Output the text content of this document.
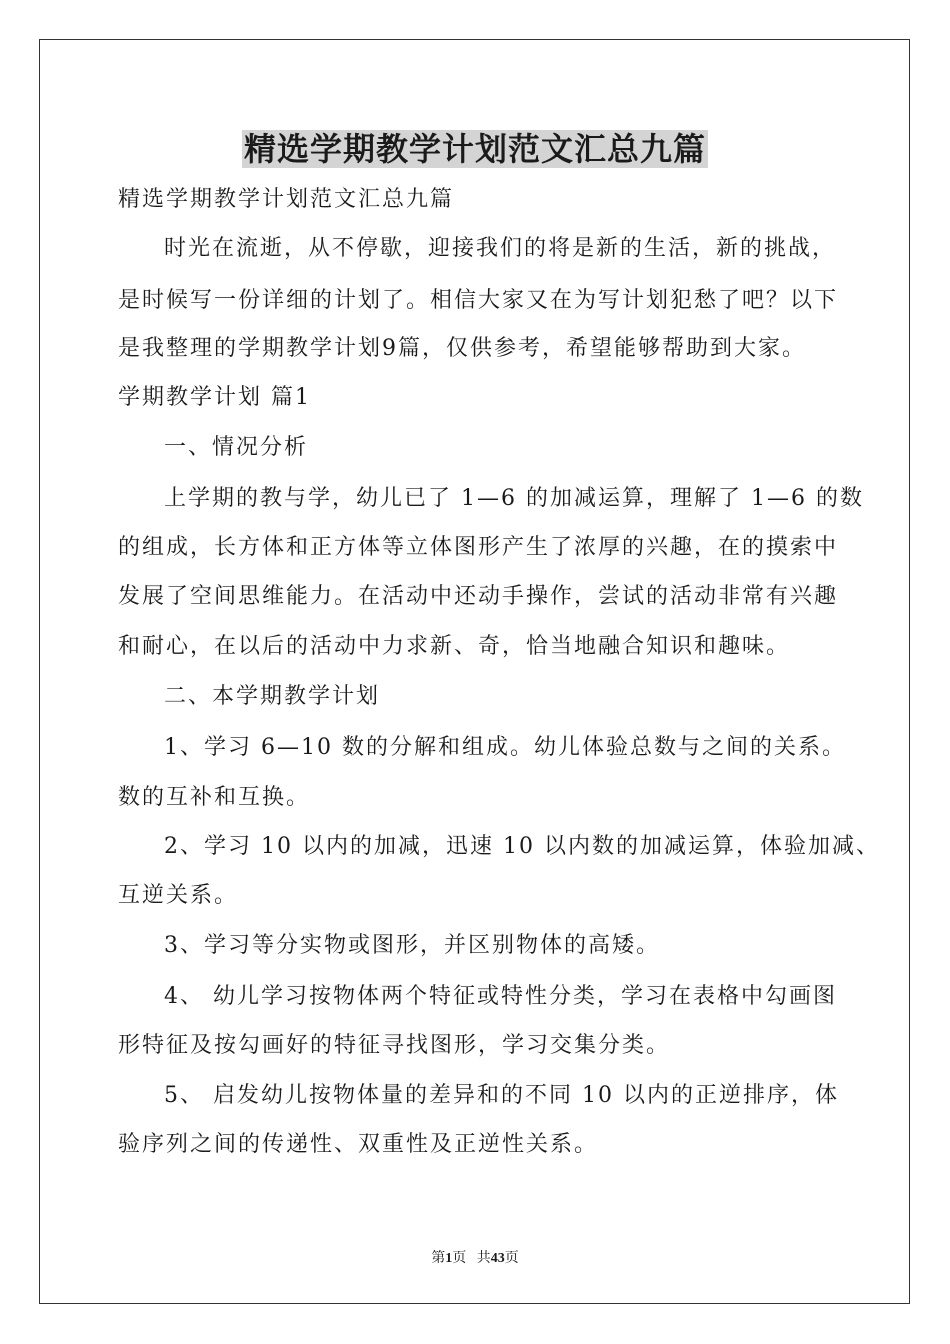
精选学期教学计划范文汇总九篇
精选学期教学计划范文汇总九篇
时光在流逝，从不停歇，迎接我们的将是新的生活，新的挑战，
是时候写一份详细的计划了。相信大家又在为写计划犯愁了吧？以下
是我整理的学期教学计划9篇，仅供参考，希望能够帮助到大家。
学期教学计划 篇1
一、情况分析
上学期的教与学，幼儿已了 1—6 的加减运算，理解了 1—6 的数
的组成，长方体和正方体等立体图形产生了浓厚的兴趣，在的摸索中
发展了空间思维能力。在活动中还动手操作，尝试的活动非常有兴趣
和耐心，在以后的活动中力求新、奇，恰当地融合知识和趣味。
二、本学期教学计划
1、学习 6—10 数的分解和组成。幼儿体验总数与之间的关系。
数的互补和互换。
2、学习 10 以内的加减，迅速 10 以内数的加减运算，体验加减、
互逆关系。
3、学习等分实物或图形，并区别物体的高矮。
4、 幼儿学习按物体两个特征或特性分类，学习在表格中勾画图
形特征及按勾画好的特征寻找图形，学习交集分类。
5、 启发幼儿按物体量的差异和的不同 10 以内的正逆排序，体
验序列之间的传递性、双重性及正逆性关系。
第1页 共43页
